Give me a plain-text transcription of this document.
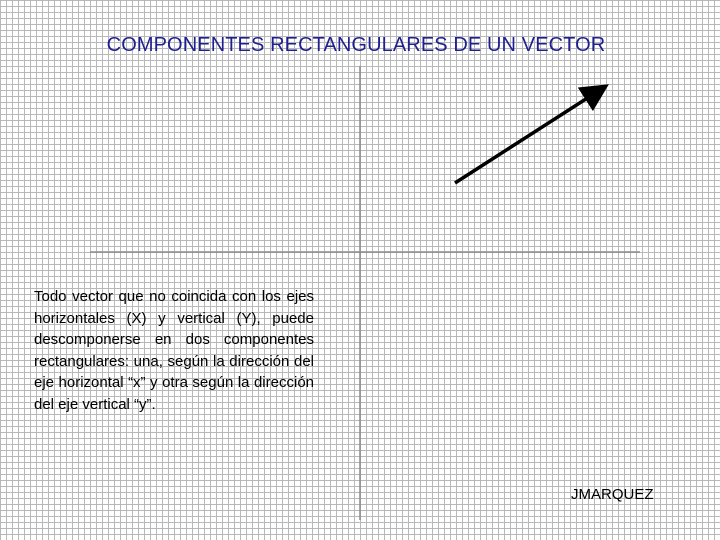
COMPONENTES RECTANGULARES DE UN VECTOR
Todo vector que no coincida con los ejes horizontales (X) y vertical (Y), puede descomponerse en dos componentes rectangulares: una, según la dirección del eje horizontal “x” y otra según la dirección del eje vertical “y”.
JMARQUEZ
